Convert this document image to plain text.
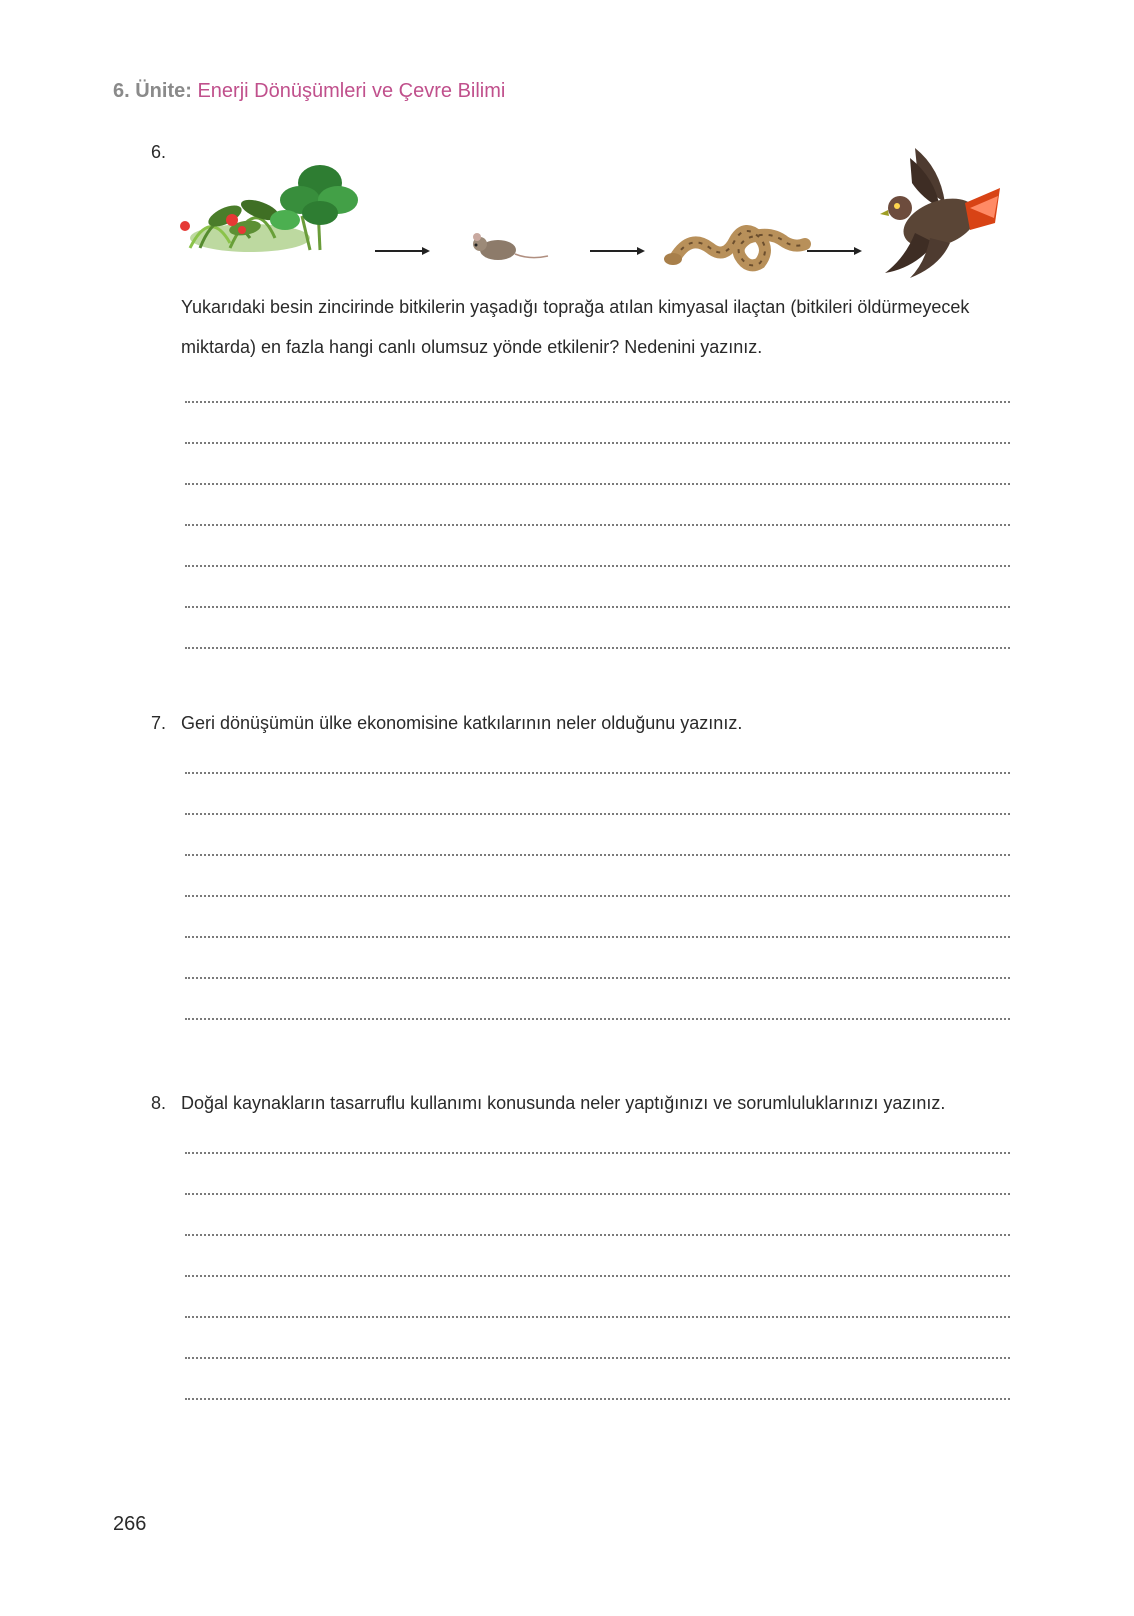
6. Ünite: Enerji Dönüşümleri ve Çevre Bilimi
6.
Yukarıdaki besin zincirinde bitkilerin yaşadığı toprağa atılan kimyasal ilaçtan (bitkileri öldürmeyecek miktarda) en fazla hangi canlı olumsuz yönde etkilenir? Nedenini yazınız.
7. Geri dönüşümün ülke ekonomisine katkılarının neler olduğunu yazınız.
8. Doğal kaynakların tasarruflu kullanımı konusunda neler yaptığınızı ve sorumluluklarınızı yazınız.
266
